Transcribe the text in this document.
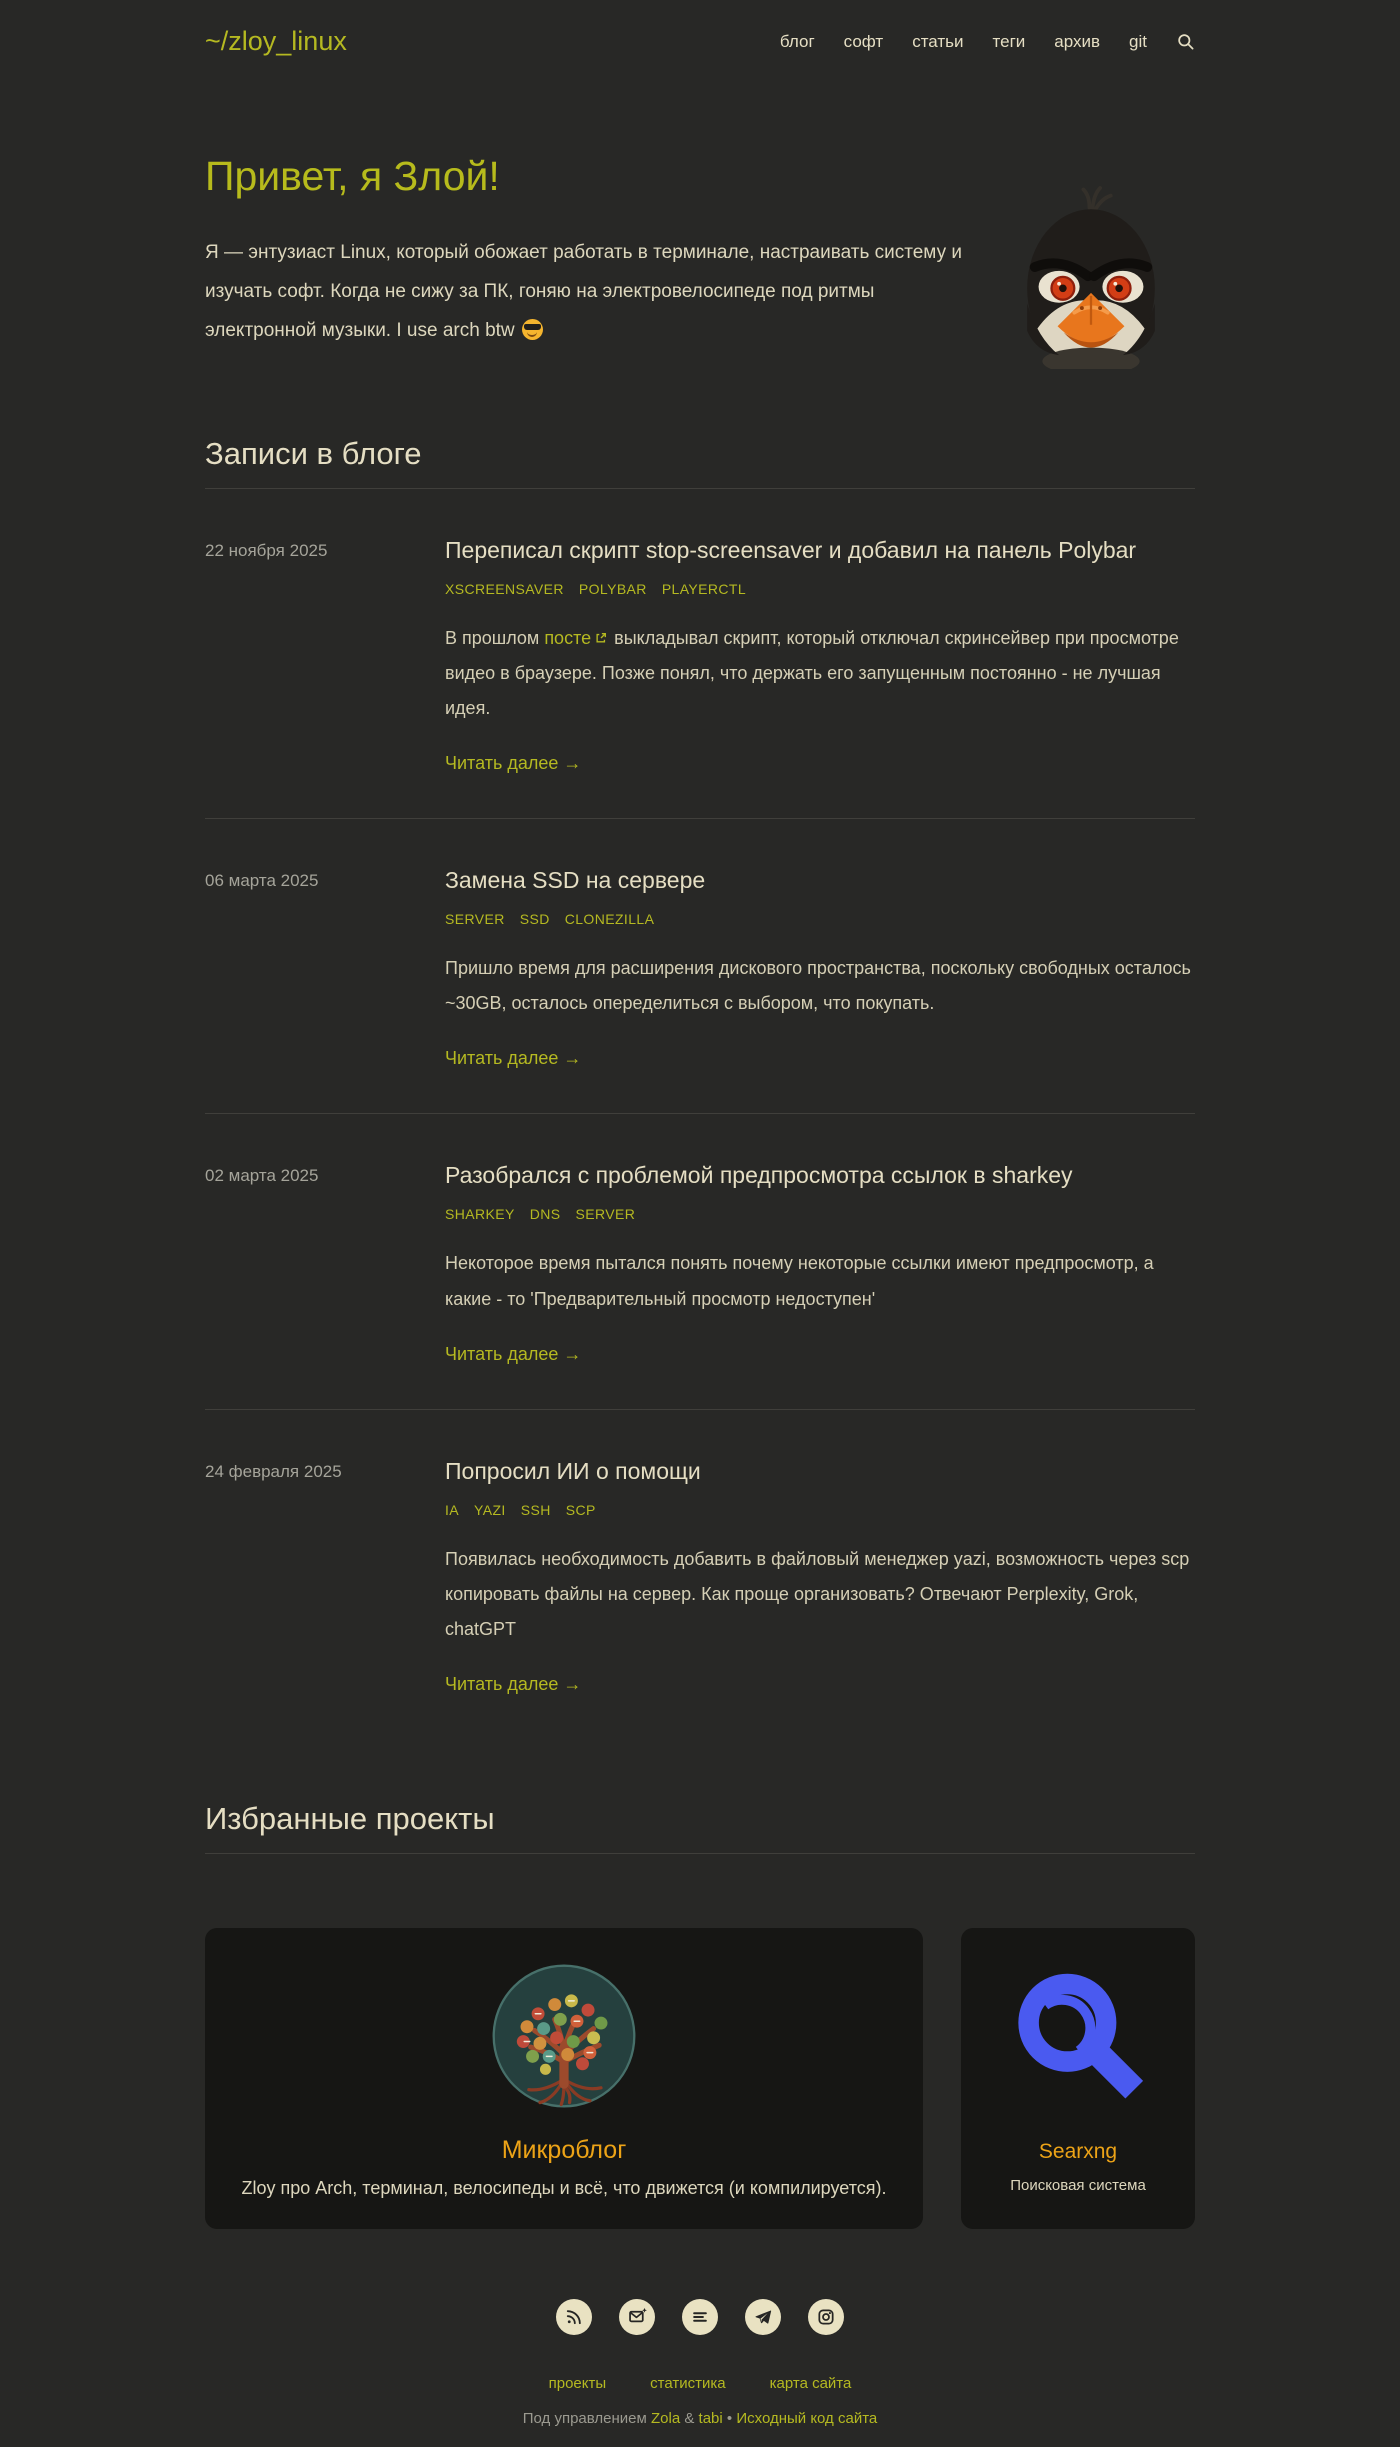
~/zloy_linux	блог софт статьи теги архив git
Привет, я Злой!

Я — энтузиаст Linux, который обожает работать в терминале, настраивать систему и изучать софт. Когда не сижу за ПК, гоняю на электровелосипеде под ритмы электронной музыки. I use arch btw

Записи в блоге
22 ноября 2025	Переписал скрипт stop-screensaver и добавил на панель Polybar
XSCREENSAVER POLYBAR PLAYERCTL

В прошлом посте выкладывал скрипт, который отключал скринсейвер при просмотре видео в браузере. Позже понял, что держать его запущенным постоянно - не лучшая идея.

Читать далее →
06 марта 2025	Замена SSD на сервере
SERVER SSD CLONEZILLA

Пришло время для расширения дискового пространства, поскольку свободных осталось ~30GB, осталось опеределиться с выбором, что покупать.

Читать далее →
02 марта 2025	Разобрался с проблемой предпросмотра ссылок в sharkey
SHARKEY DNS SERVER

Некоторое время пытался понять почему некоторые ссылки имеют предпросмотр, а какие - то 'Предварительный просмотр недоступен'

Читать далее →
24 февраля 2025	Попросил ИИ о помощи
IA YAZI SSH SCP

Появилась необходимость добавить в файловый менеджер yazi, возможность через scp копировать файлы на сервер. Как проще организовать? Отвечают Perplexity, Grok, chatGPT

Читать далее →
Избранные проекты
Микроблог
Zloy про Arch, терминал, велосипеды и всё, что движется (и компилируется).
Searxng
Поисковая система
проекты	статистика	карта сайта
Под управлением Zola & tabi • Исходный код сайта
